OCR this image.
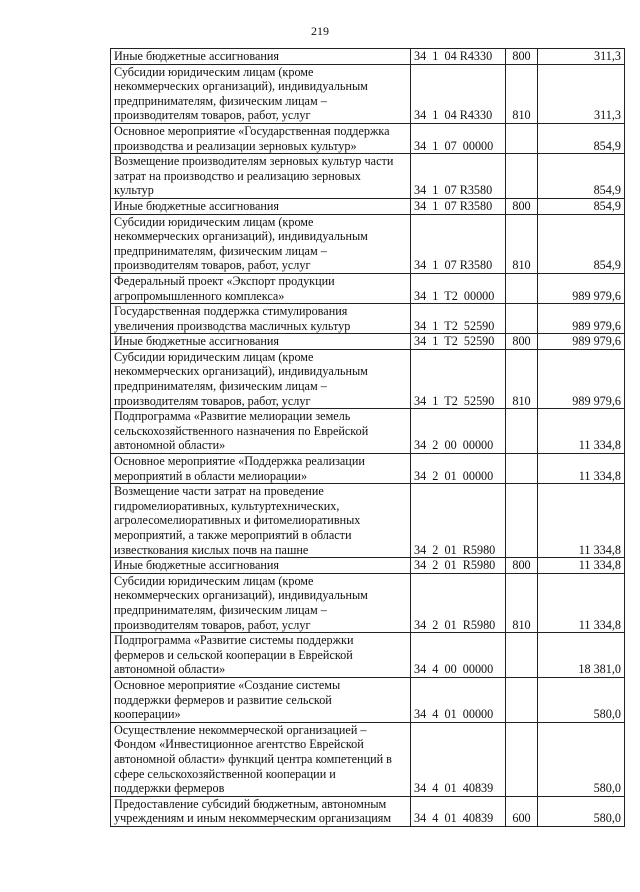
219
Иные бюджетные ассигнования	34  1  04 R4330	800	311,3

Субсидии юридическим лицам (кроме
некоммерческих организаций), индивидуальным
предпринимателям, физическим лицам –
производителям товаров, работ, услуг	34  1  04 R4330	810	311,3

Основное мероприятие «Государственная поддержка
производства и реализации зерновых культур»	34  1  07  00000		854,9

Возмещение производителям зерновых культур части
затрат на производство и реализацию зерновых
культур	34  1  07 R3580		854,9

Иные бюджетные ассигнования	34  1  07 R3580	800	854,9

Субсидии юридическим лицам (кроме
некоммерческих организаций), индивидуальным
предпринимателям, физическим лицам –
производителям товаров, работ, услуг	34  1  07 R3580	810	854,9

Федеральный проект «Экспорт продукции
агропромышленного комплекса»	34  1  T2  00000		989 979,6

Государственная поддержка стимулирования
увеличения производства масличных культур	34  1  T2  52590		989 979,6

Иные бюджетные ассигнования	34  1  T2  52590	800	989 979,6

Субсидии юридическим лицам (кроме
некоммерческих организаций), индивидуальным
предпринимателям, физическим лицам –
производителям товаров, работ, услуг	34  1  T2  52590	810	989 979,6

Подпрограмма «Развитие мелиорации земель
сельскохозяйственного назначения по Еврейской
автономной области»	34  2  00  00000		11 334,8

Основное мероприятие «Поддержка реализации
мероприятий в области мелиорации»	34  2  01  00000		11 334,8

Возмещение части затрат на проведение
гидромелиоративных, культуртехнических,
агролесомелиоративных и фитомелиоративных
мероприятий, а также мероприятий в области
известкования кислых почв на пашне	34  2  01  R5980		11 334,8

Иные бюджетные ассигнования	34  2  01  R5980	800	11 334,8

Субсидии юридическим лицам (кроме
некоммерческих организаций), индивидуальным
предпринимателям, физическим лицам –
производителям товаров, работ, услуг	34  2  01  R5980	810	11 334,8

Подпрограмма «Развитие системы поддержки
фермеров и сельской кооперации в Еврейской
автономной области»	34  4  00  00000		18 381,0

Основное мероприятие «Создание системы
поддержки фермеров и развитие сельской
кооперации»	34  4  01  00000		580,0

Осуществление некоммерческой организацией –
Фондом «Инвестиционное агентство Еврейской
автономной области» функций центра компетенций в
сфере сельскохозяйственной кооперации и
поддержки фермеров	34  4  01  40839		580,0

Предоставление субсидий бюджетным, автономным
учреждениям и иным некоммерческим организациям	34  4  01  40839	600	580,0
